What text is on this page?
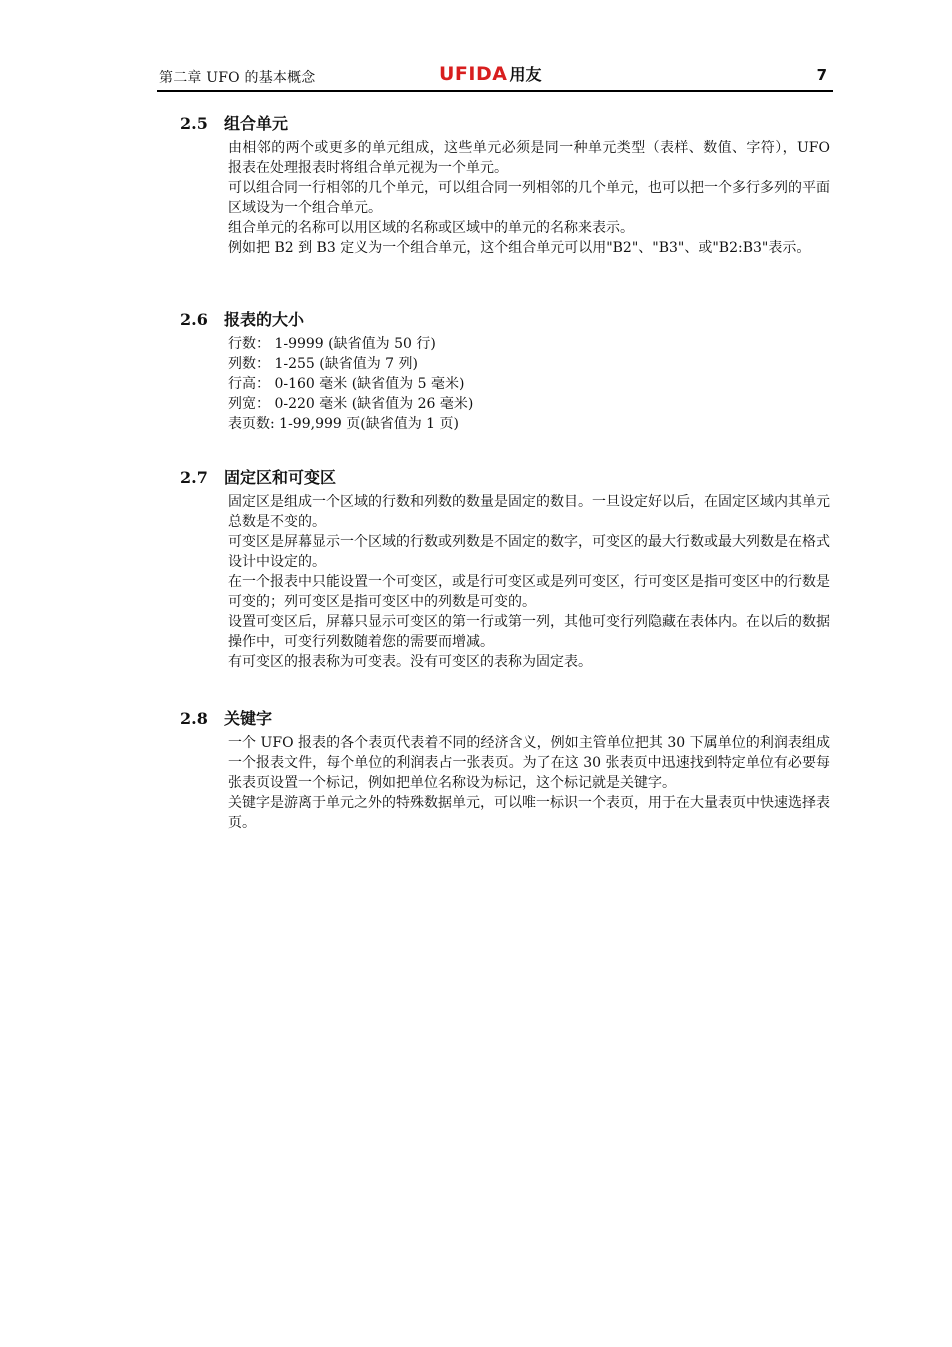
第二章 UFO 的基本概念	UFIDA 用友	7
2.5 组合单元

由相邻的两个或更多的单元组成，这些单元必须是同一种单元类型（表样、数值、字符），UFO 报表在处理报表时将组合单元视为一个单元。

可以组合同一行相邻的几个单元，可以组合同一列相邻的几个单元，也可以把一个多行多列的平面区域设为一个组合单元。

组合单元的名称可以用区域的名称或区域中的单元的名称来表示。

例如把 B2 到 B3 定义为一个组合单元，这个组合单元可以用"B2"、"B3"、或"B2:B3"表示。

2.6 报表的大小
行数： 1-9999 (缺省值为 50 行)
列数： 1-255 (缺省值为 7 列)
行高： 0-160 毫米 (缺省值为 5 毫米)
列宽： 0-220 毫米 (缺省值为 26 毫米)
表页数: 1-99,999 页(缺省值为 1 页)
2.7 固定区和可变区

固定区是组成一个区域的行数和列数的数量是固定的数目。一旦设定好以后，在固定区域内其单元总数是不变的。

可变区是屏幕显示一个区域的行数或列数是不固定的数字，可变区的最大行数或最大列数是在格式设计中设定的。

在一个报表中只能设置一个可变区，或是行可变区或是列可变区，行可变区是指可变区中的行数是可变的；列可变区是指可变区中的列数是可变的。

设置可变区后，屏幕只显示可变区的第一行或第一列，其他可变行列隐藏在表体内。在以后的数据操作中，可变行列数随着您的需要而增减。

有可变区的报表称为可变表。没有可变区的表称为固定表。

2.8 关键字

一个 UFO 报表的各个表页代表着不同的经济含义，例如主管单位把其 30 下属单位的利润表组成一个报表文件，每个单位的利润表占一张表页。为了在这 30 张表页中迅速找到特定单位有必要每张表页设置一个标记，例如把单位名称设为标记，这个标记就是关键字。

关键字是游离于单元之外的特殊数据单元，可以唯一标识一个表页，用于在大量表页中快速选择表页。
